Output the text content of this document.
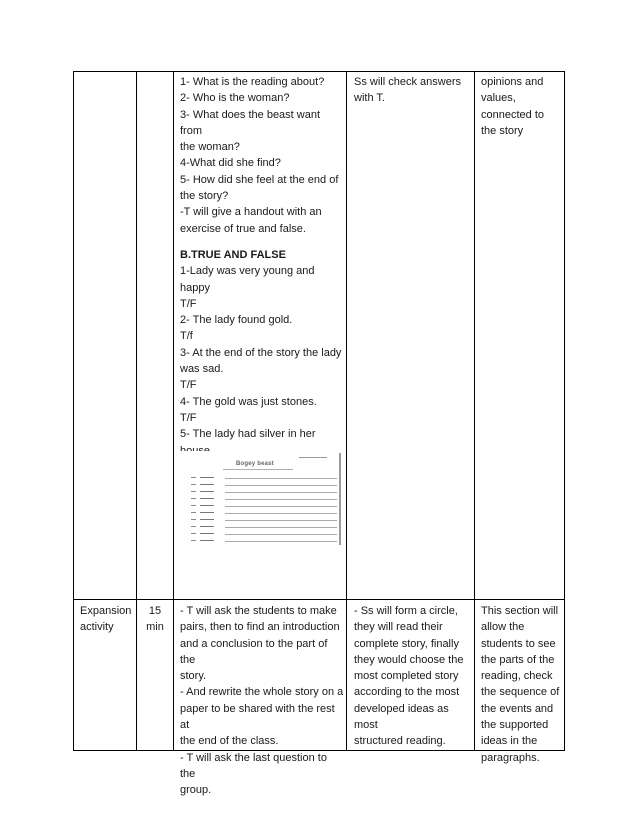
1- What is the reading about?

2- Who is the woman?

3- What does the beast want from

the woman?

4-What did she find?

5- How did she feel at the end of

the story?

-T will give a handout with an

exercise of true and false.

B.TRUE AND FALSE

1-Lady was very young and happy

T/F

2- The lady found gold.

T/f

3- At the end of the story the lady

was sad.

T/F

4- The gold was just stones.

T/F

5- The lady had silver in her

Bogey beast

Ss will check answers

with T.

opinions and

values,

connected to

the story

Expansion

activity

15

min

- T will ask the students to make

pairs, then to find an introduction

and a conclusion to the part of the

story.

- And rewrite the whole story on a

paper to be shared with the rest at

the end of the class.

- T will ask the last question to the

group.

- Ss will form a circle,

they will read their

complete story, finally

they would choose the

most completed story

according to the most

developed ideas as most

structured reading.

This section will

allow the

students to see

the parts of the

reading, check

the sequence of

the events and

the supported

ideas in the

paragraphs.
